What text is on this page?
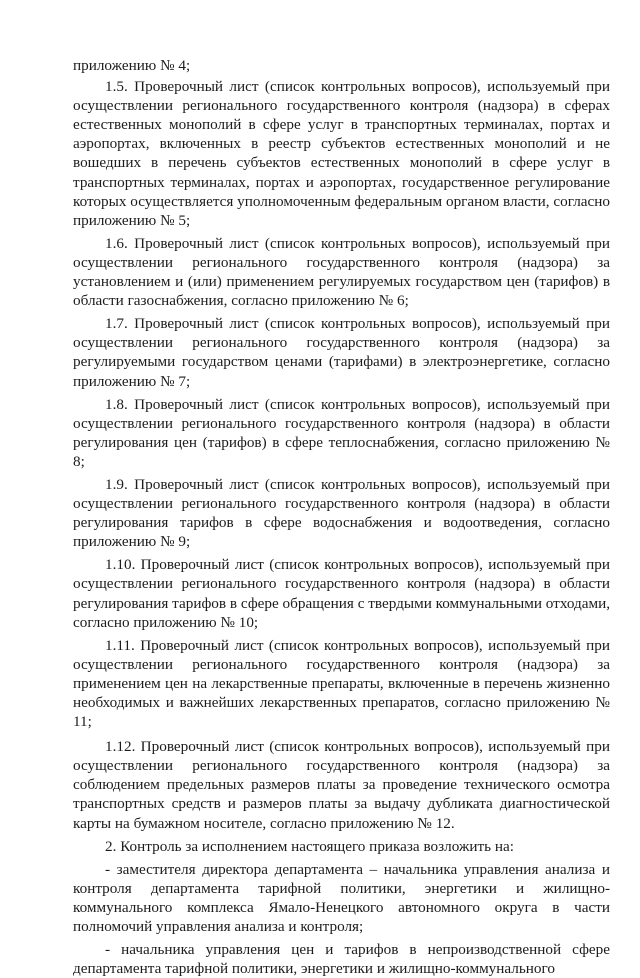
приложению № 4;

1.5. Проверочный лист (список контрольных вопросов), используемый при осуществлении регионального государственного контроля (надзора) в сферах естественных монополий в сфере услуг в транспортных терминалах, портах и аэропортах, включенных в реестр субъектов естественных монополий и не вошедших в перечень субъектов естественных монополий в сфере услуг в транспортных терминалах, портах и аэропортах, государственное регулирование которых осуществляется уполномоченным федеральным органом власти, согласно приложению № 5;

1.6. Проверочный лист (список контрольных вопросов), используемый при осуществлении регионального государственного контроля (надзора) за установлением и (или) применением регулируемых государством цен (тарифов) в области газоснабжения, согласно приложению № 6;

1.7. Проверочный лист (список контрольных вопросов), используемый при осуществлении регионального государственного контроля (надзора) за регулируемыми государством ценами (тарифами) в электроэнергетике, согласно приложению № 7;

1.8. Проверочный лист (список контрольных вопросов), используемый при осуществлении регионального государственного контроля (надзора) в области регулирования цен (тарифов) в сфере теплоснабжения, согласно приложению № 8;

1.9. Проверочный лист (список контрольных вопросов), используемый при осуществлении регионального государственного контроля (надзора) в области регулирования тарифов в сфере водоснабжения и водоотведения, согласно приложению № 9;

1.10. Проверочный лист (список контрольных вопросов), используемый при осуществлении регионального государственного контроля (надзора) в области регулирования тарифов в сфере обращения с твердыми коммунальными отходами, согласно приложению № 10;

1.11. Проверочный лист (список контрольных вопросов), используемый при осуществлении регионального государственного контроля (надзора) за применением цен на лекарственные препараты, включенные в перечень жизненно необходимых и важнейших лекарственных препаратов, согласно приложению № 11;

1.12. Проверочный лист (список контрольных вопросов), используемый при осуществлении регионального государственного контроля (надзора) за соблюдением предельных размеров платы за проведение технического осмотра транспортных средств и размеров платы за выдачу дубликата диагностической карты на бумажном носителе, согласно приложению № 12.

2. Контроль за исполнением настоящего приказа возложить на:

- заместителя директора департамента – начальника управления анализа и контроля департамента тарифной политики, энергетики и жилищно-коммунального комплекса Ямало-Ненецкого автономного округа в части полномочий управления анализа и контроля;

- начальника управления цен и тарифов в непроизводственной сфере департамента тарифной политики, энергетики и жилищно-коммунального
